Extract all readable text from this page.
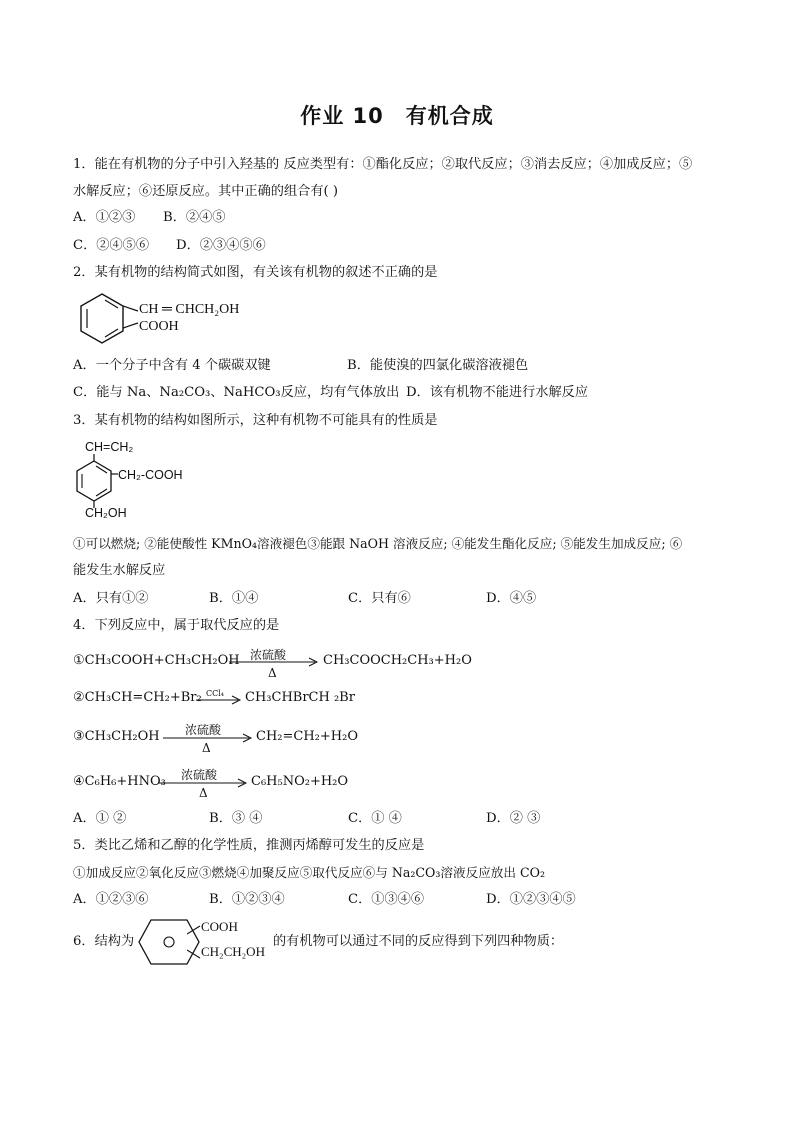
作业 10 有机合成
1．能在有机物的分子中引入羟基的 反应类型有：①酯化反应；②取代反应；③消去反应；④加成反应；⑤
水解反应；⑥还原反应。其中正确的组合有( )
A．①②③ B．②④⑤
C．②④⑤⑥ D．②③④⑤⑥
2．某有机物的结构简式如图，有关该有机物的叙述不正确的是
CH ═ CHCH₂OH
COOH
A．一个分子中含有 4 个碳碳双键	B．能使溴的四氯化碳溶液褪色
C．能与 Na、Na₂CO₃、NaHCO₃反应，均有气体放出 D．该有机物不能进行水解反应
3．某有机物的结构如图所示，这种有机物不可能具有的性质是
CH=CH₂
CH₂-COOH
CH₂OH
①可以燃烧; ②能使酸性 KMnO₄溶液褪色③能跟 NaOH 溶液反应; ④能发生酯化反应; ⑤能发生加成反应; ⑥
能发生水解反应
A．只有①②	B．①④	C．只有⑥	D．④⑤
4．下列反应中，属于取代反应的是
①CH₃COOH+CH₃CH₂OH 浓硫酸
Δ
CH₃COOCH₂CH₃+H₂O
②CH₃CH=CH₂+Br₂ CCl₄ CH₃CHBrCH ₂Br
③CH₃CH₂OH 浓硫酸
Δ
CH₂=CH₂+H₂O
④C₆H₆+HNO₃ 浓硫酸
Δ
C₆H₅NO₂+H₂O
A．① ②	B．③ ④	C．① ④	D．② ③
5．类比乙烯和乙醇的化学性质，推测丙烯醇可发生的反应是
①加成反应②氧化反应③燃烧④加聚反应⑤取代反应⑥与 Na₂CO₃溶液反应放出 CO₂
A．①②③⑥	B．①②③④	C．①③④⑥	D．①②③④⑤
6．结构为
COOH
CH₂CH₂OH
的有机物可以通过不同的反应得到下列四种物质：
